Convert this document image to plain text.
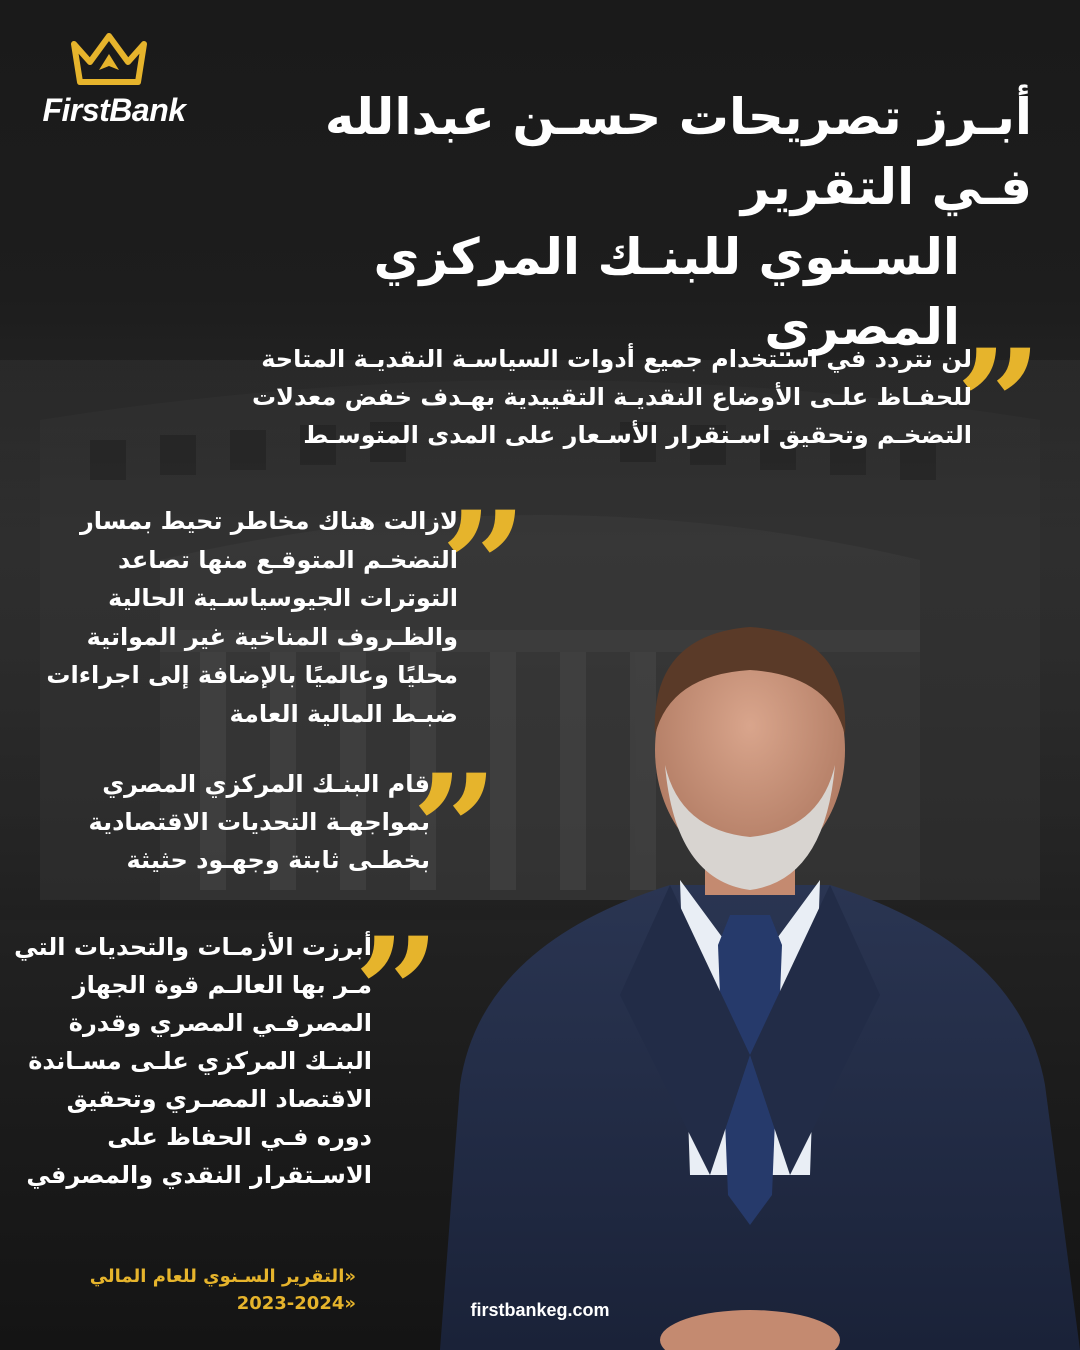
FirstBank	أبـرز تصريحات حسـن عبدالله فـي التقرير
السـنوي للبنـك المركزي المصري
”

لن نتردد في اسـتخدام جميع أدوات السياسـة النقديـة المتاحة
للحفـاظ علـى الأوضاع النقديـة التقييدية بهـدف خفض معدلات
التضخـم وتحقيق اسـتقرار الأسـعار على المدى المتوسـط

”

لازالت هناك مخاطر تحيط بمسار
التضخـم المتوقـع منها تصاعد
التوترات الجيوسياسـية الحالية
والظـروف المناخية غير المواتية
محليًا وعالميًا بالإضافة إلى اجراءات
ضبـط المالية العامة

”

قام البنـك المركزي المصري
بمواجهـة التحديات الاقتصادية
بخطـى ثابتة وجهـود حثيثة

”

أبرزت الأزمـات والتحديات التي
مـر بها العالـم قوة الجهاز
المصرفـي المصري وقدرة
البنـك المركزي علـى مسـاندة
الاقتصاد المصـري وتحقيق
دوره فـي الحفاظ على
الاسـتقرار النقدي والمصرفي

«التقرير السـنوي للعام المالي
2023-2024»	firstbankeg.com
